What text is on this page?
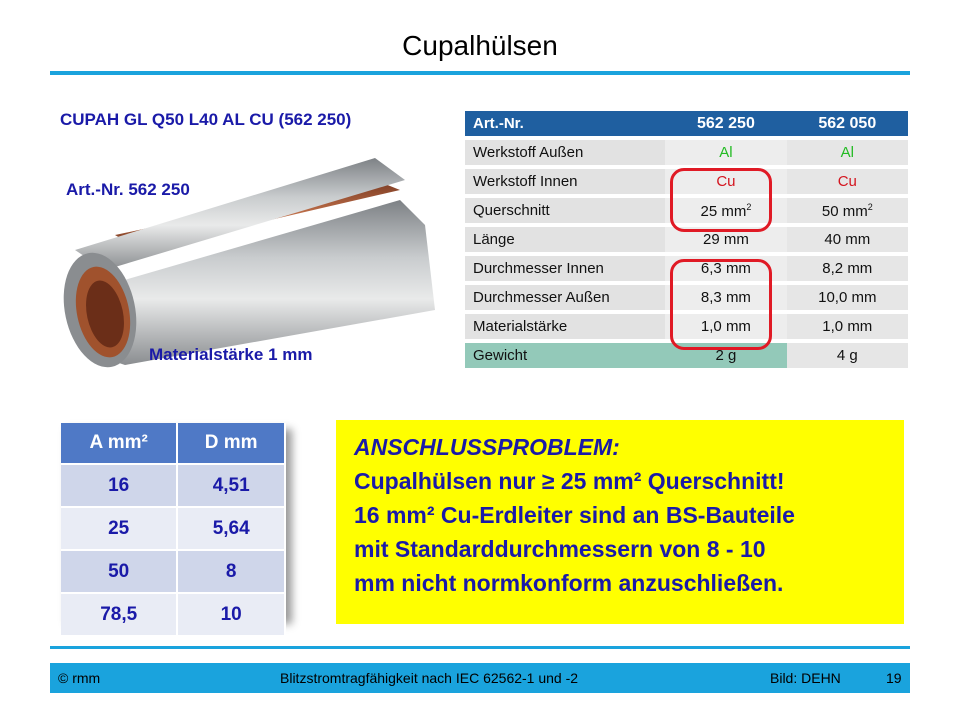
Cupalhülsen
CUPAH GL Q50 L40 AL CU (562 250)
Art.-Nr. 562 250
Materialstärke 1 mm
Art.-Nr.	562 250	562 050
Werkstoff Außen	Al	Al
Werkstoff Innen	Cu	Cu
Querschnitt	25 $mm^2$	50 $mm^2$
Länge	29 mm	40 mm
Durchmesser Innen	6,3 mm	8,2 mm
Durchmesser Außen	8,3 mm	10,0 mm
Materialstärke	1,0 mm	1,0 mm
Gewicht	2 g	4 g
A mm²	D mm
16	4,51
25	5,64
50	8
78,5	10
ANSCHLUSSPROBLEM:
Cupalhülsen nur ≥ 25 mm² Querschnitt!
16 mm² Cu-Erdleiter sind an BS-Bauteile
mit Standarddurchmessern von 8 - 10
mm nicht normkonform anzuschließen.
© rmm	Blitzstromtragfähigkeit nach IEC 62562-1 und -2	Bild: DEHN	19
